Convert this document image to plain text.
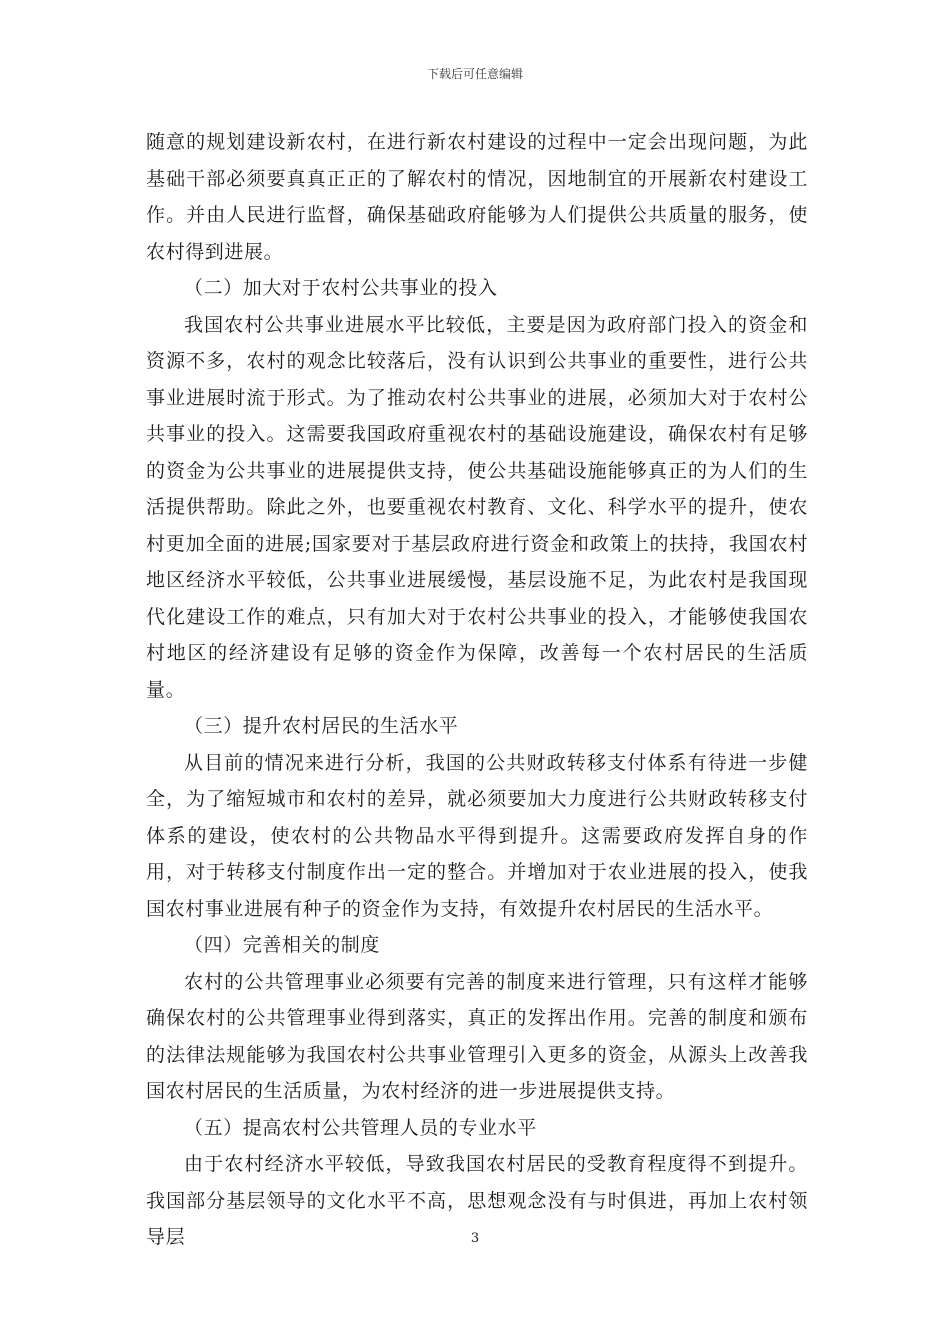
下载后可任意编辑

随意的规划建设新农村，在进行新农村建设的过程中一定会出现问题，为此基础干部必须要真真正正的了解农村的情况，因地制宜的开展新农村建设工作。并由人民进行监督，确保基础政府能够为人们提供公共质量的服务，使农村得到进展。

（二）加大对于农村公共事业的投入

我国农村公共事业进展水平比较低，主要是因为政府部门投入的资金和资源不多，农村的观念比较落后，没有认识到公共事业的重要性，进行公共事业进展时流于形式。为了推动农村公共事业的进展，必须加大对于农村公共事业的投入。这需要我国政府重视农村的基础设施建设，确保农村有足够的资金为公共事业的进展提供支持，使公共基础设施能够真正的为人们的生活提供帮助。除此之外，也要重视农村教育、文化、科学水平的提升，使农村更加全面的进展;国家要对于基层政府进行资金和政策上的扶持，我国农村地区经济水平较低，公共事业进展缓慢，基层设施不足，为此农村是我国现代化建设工作的难点，只有加大对于农村公共事业的投入，才能够使我国农村地区的经济建设有足够的资金作为保障，改善每一个农村居民的生活质量。

（三）提升农村居民的生活水平

从目前的情况来进行分析，我国的公共财政转移支付体系有待进一步健全，为了缩短城市和农村的差异，就必须要加大力度进行公共财政转移支付体系的建设，使农村的公共物品水平得到提升。这需要政府发挥自身的作用，对于转移支付制度作出一定的整合。并增加对于农业进展的投入，使我国农村事业进展有种子的资金作为支持，有效提升农村居民的生活水平。

（四）完善相关的制度

农村的公共管理事业必须要有完善的制度来进行管理，只有这样才能够确保农村的公共管理事业得到落实，真正的发挥出作用。完善的制度和颁布的法律法规能够为我国农村公共事业管理引入更多的资金，从源头上改善我国农村居民的生活质量，为农村经济的进一步进展提供支持。

（五）提高农村公共管理人员的专业水平

由于农村经济水平较低，导致我国农村居民的受教育程度得不到提升。我国部分基层领导的文化水平不高，思想观念没有与时俱进，再加上农村领导层	3
